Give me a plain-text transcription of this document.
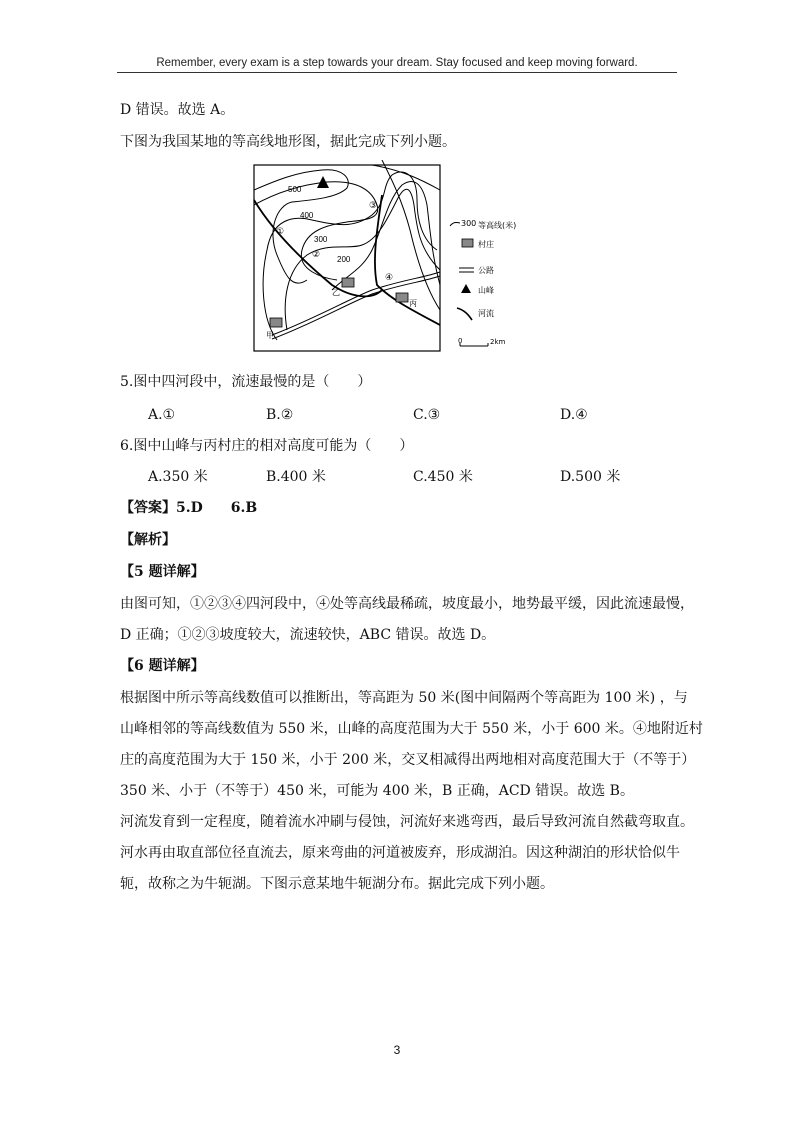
Remember, every exam is a step towards your dream. Stay focused and keep moving forward.
D 错误。故选 A。
下图为我国某地的等高线地形图，据此完成下列小题。
500
400
300
200
①
②
③
④
乙
丙
甲
300 等高线(米)
村庄
公路
山峰
河流
0	2km
5.图中四河段中，流速最慢的是（　　）
A.①	B.②	C.③	D.④
6.图中山峰与丙村庄的相对高度可能为（　　）
A.350 米	B.400 米	C.450 米	D.500 米
【答案】5.D　　6.B
【解析】
【5 题详解】
由图可知，①②③④四河段中，④处等高线最稀疏，坡度最小，地势最平缓，因此流速最慢，
D 正确；①②③坡度较大，流速较快，ABC 错误。故选 D。
【6 题详解】
根据图中所示等高线数值可以推断出，等高距为 50 米(图中间隔两个等高距为 100 米) ，与
山峰相邻的等高线数值为 550 米，山峰的高度范围为大于 550 米，小于 600 米。④地附近村
庄的高度范围为大于 150 米，小于 200 米，交叉相减得出两地相对高度范围大于（不等于）
350 米、小于（不等于）450 米，可能为 400 米，B 正确，ACD 错误。故选 B。
河流发育到一定程度，随着流水冲刷与侵蚀，河流好来逃弯西，最后导致河流自然截弯取直。
河水再由取直部位径直流去，原来弯曲的河道被废弃，形成湖泊。因这种湖泊的形状恰似牛
轭，故称之为牛轭湖。下图示意某地牛轭湖分布。据此完成下列小题。
3
